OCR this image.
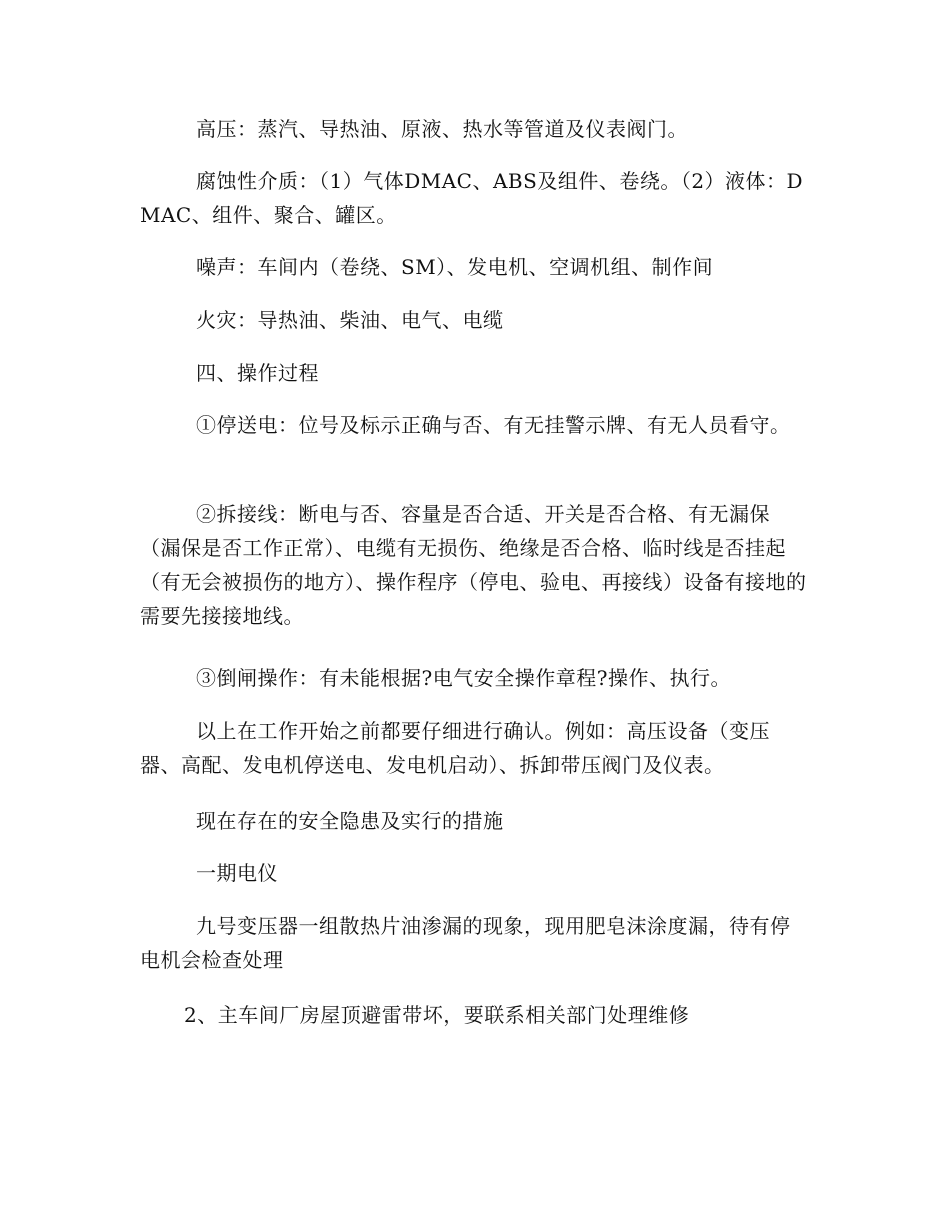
高压：蒸汽、导热油、原液、热水等管道及仪表阀门。

腐蚀性介质：（1）气体DMAC、ABS及组件、卷绕。（2）液体：DMAC、组件、聚合、罐区。

噪声：车间内（卷绕、SM）、发电机、空调机组、制作间

火灾：导热油、柴油、电气、电缆

四、操作过程

①停送电：位号及标示正确与否、有无挂警示牌、有无人员看守。

②拆接线：断电与否、容量是否合适、开关是否合格、有无漏保（漏保是否工作正常）、电缆有无损伤、绝缘是否合格、临时线是否挂起（有无会被损伤的地方）、操作程序（停电、验电、再接线）设备有接地的需要先接接地线。

③倒闸操作：有未能根据?电气安全操作章程?操作、执行。

以上在工作开始之前都要仔细进行确认。例如：高压设备（变压器、高配、发电机停送电、发电机启动）、拆卸带压阀门及仪表。

现在存在的安全隐患及实行的措施

一期电仪

九号变压器一组散热片油渗漏的现象，现用肥皂沫涂度漏，待有停电机会检查处理

2、主车间厂房屋顶避雷带坏，要联系相关部门处理维修
